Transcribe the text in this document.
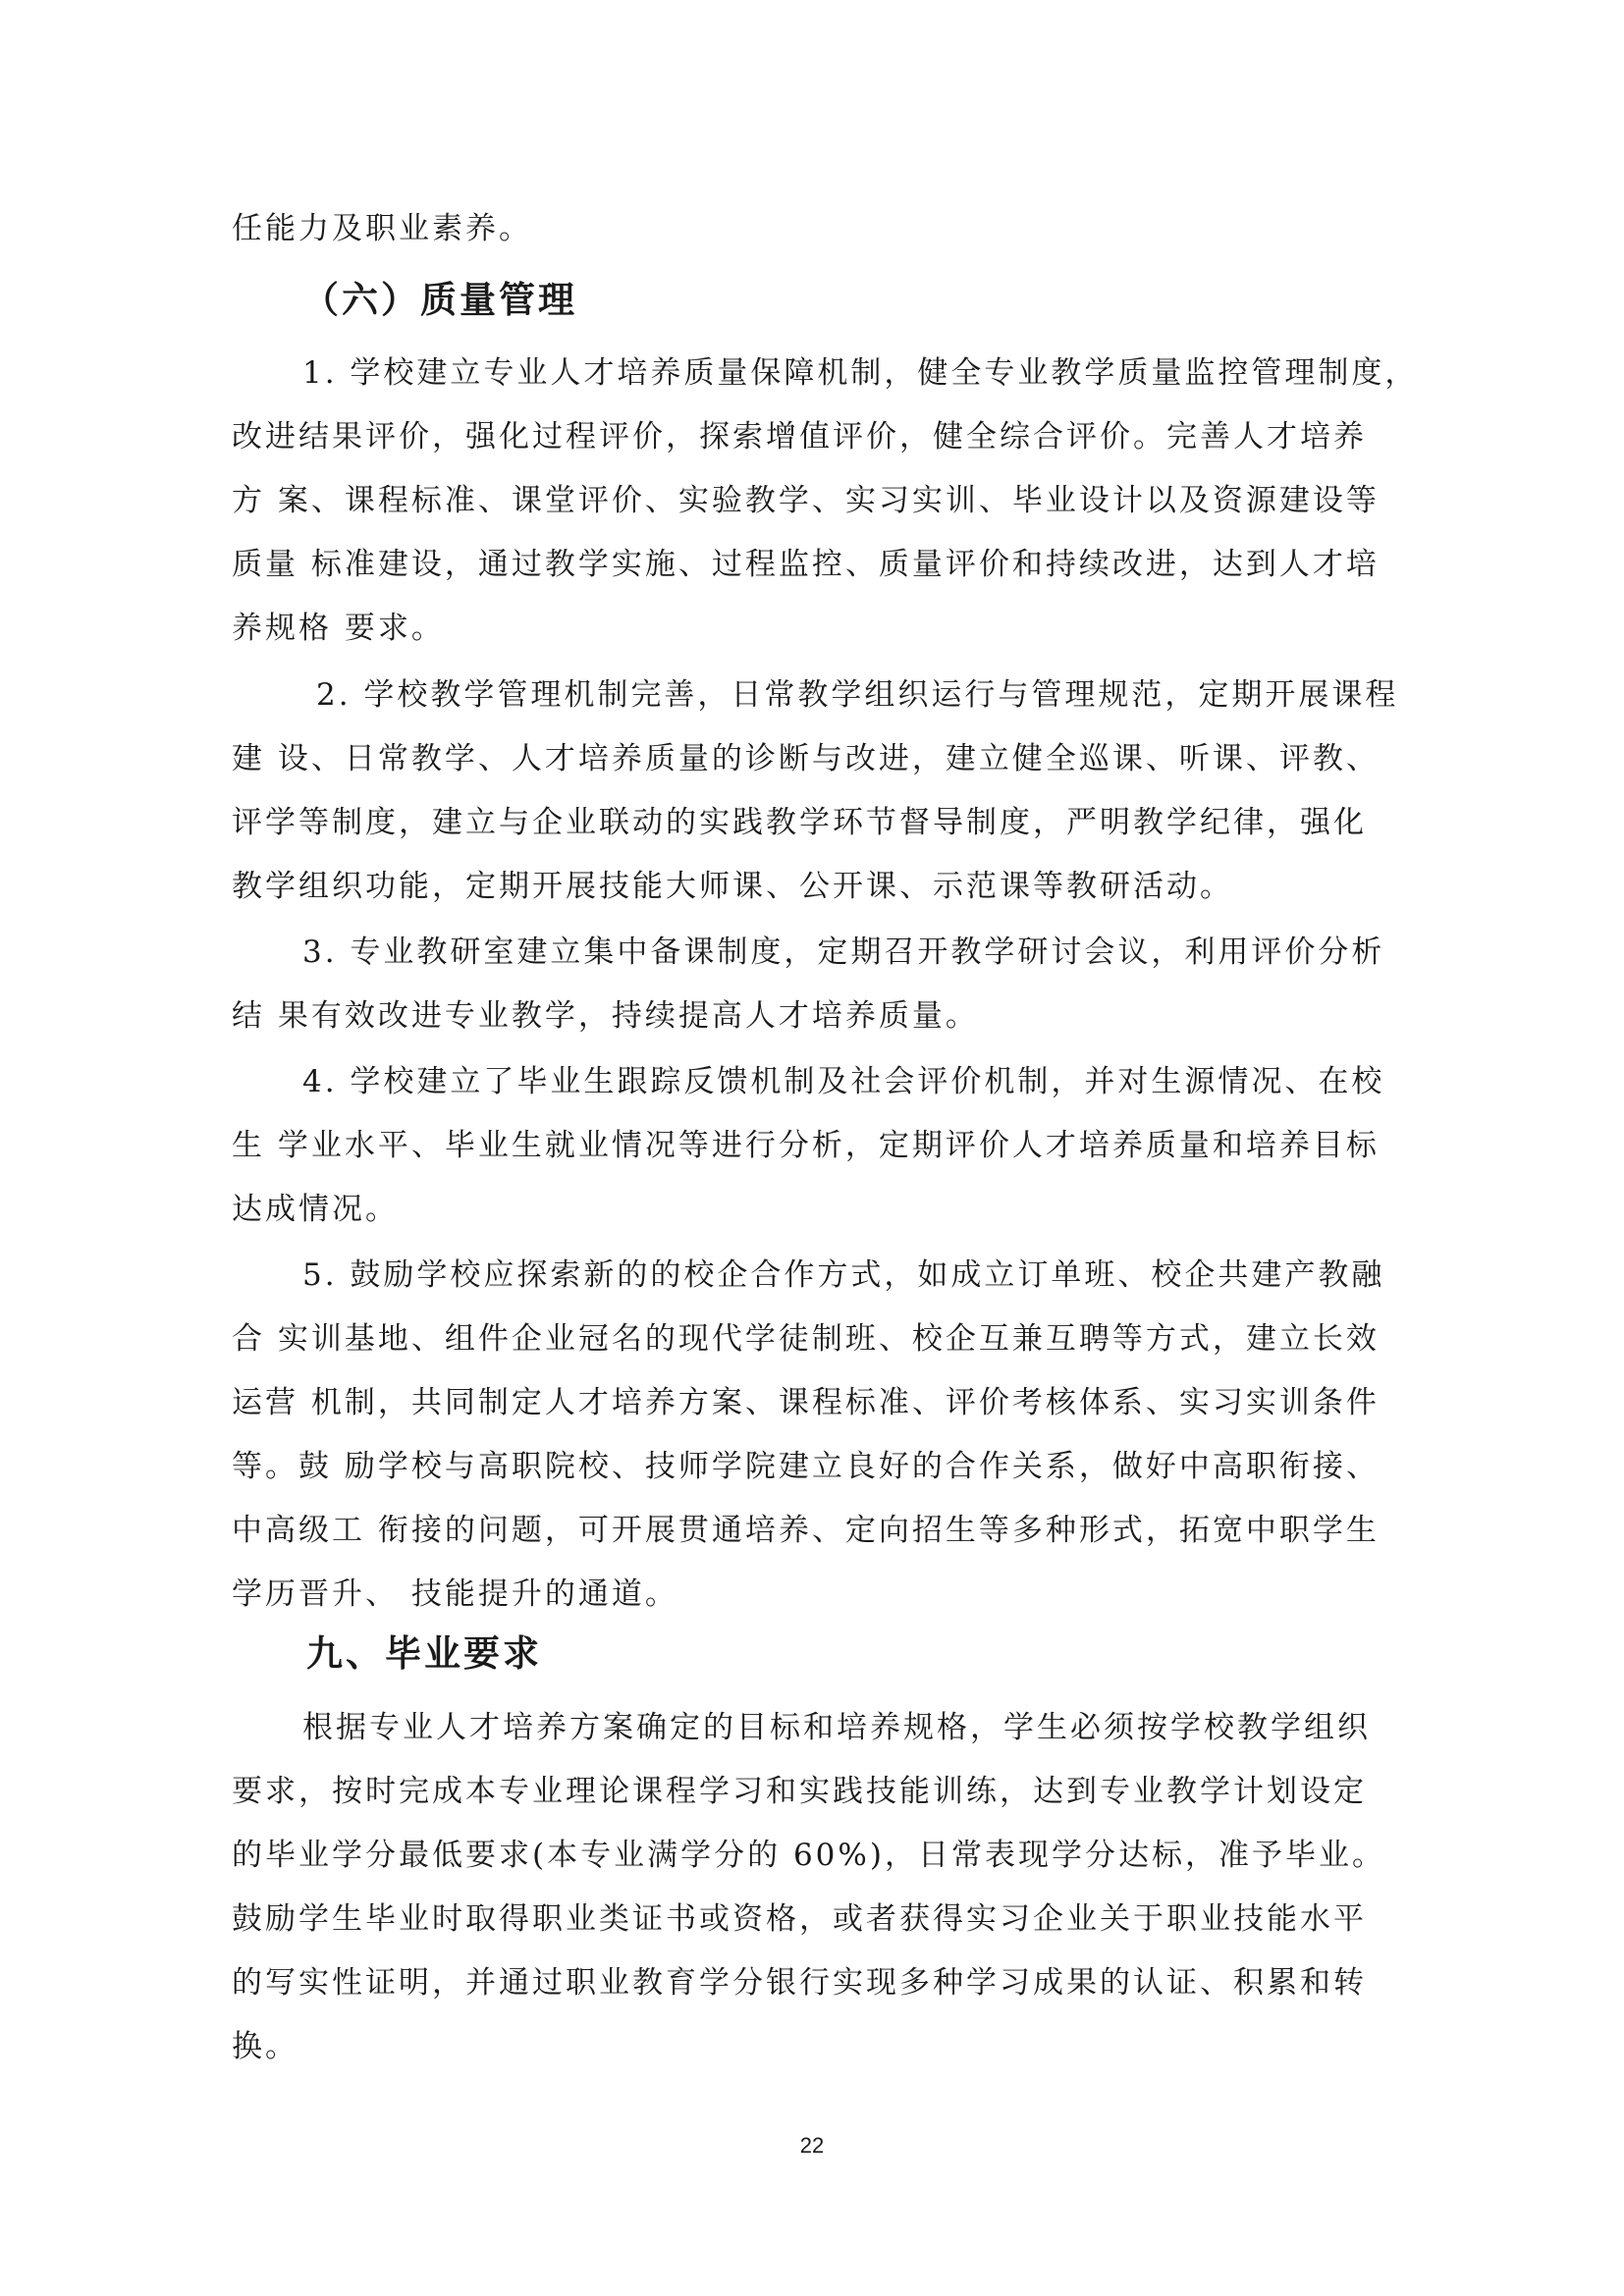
任能力及职业素养。
（六）质量管理
1. 学校建立专业人才培养质量保障机制，健全专业教学质量监控管理制度，
改进结果评价，强化过程评价，探索增值评价，健全综合评价。完善人才培养
方 案、课程标准、课堂评价、实验教学、实习实训、毕业设计以及资源建设等
质量 标准建设，通过教学实施、过程监控、质量评价和持续改进，达到人才培
养规格 要求。
2. 学校教学管理机制完善，日常教学组织运行与管理规范，定期开展课程
建 设、日常教学、人才培养质量的诊断与改进，建立健全巡课、听课、评教、
评学等制度，建立与企业联动的实践教学环节督导制度，严明教学纪律，强化
教学组织功能，定期开展技能大师课、公开课、示范课等教研活动。
3. 专业教研室建立集中备课制度，定期召开教学研讨会议，利用评价分析
结 果有效改进专业教学，持续提高人才培养质量。
4. 学校建立了毕业生跟踪反馈机制及社会评价机制，并对生源情况、在校
生 学业水平、毕业生就业情况等进行分析，定期评价人才培养质量和培养目标
达成情况。
5. 鼓励学校应探索新的的校企合作方式，如成立订单班、校企共建产教融
合 实训基地、组件企业冠名的现代学徒制班、校企互兼互聘等方式，建立长效
运营 机制，共同制定人才培养方案、课程标准、评价考核体系、实习实训条件
等。鼓 励学校与高职院校、技师学院建立良好的合作关系，做好中高职衔接、
中高级工 衔接的问题，可开展贯通培养、定向招生等多种形式，拓宽中职学生
学历晋升、 技能提升的通道。
九、毕业要求
根据专业人才培养方案确定的目标和培养规格，学生必须按学校教学组织
要求，按时完成本专业理论课程学习和实践技能训练，达到专业教学计划设定
的毕业学分最低要求(本专业满学分的 60%)，日常表现学分达标，准予毕业。
鼓励学生毕业时取得职业类证书或资格，或者获得实习企业关于职业技能水平
的写实性证明，并通过职业教育学分银行实现多种学习成果的认证、积累和转
换。
22
